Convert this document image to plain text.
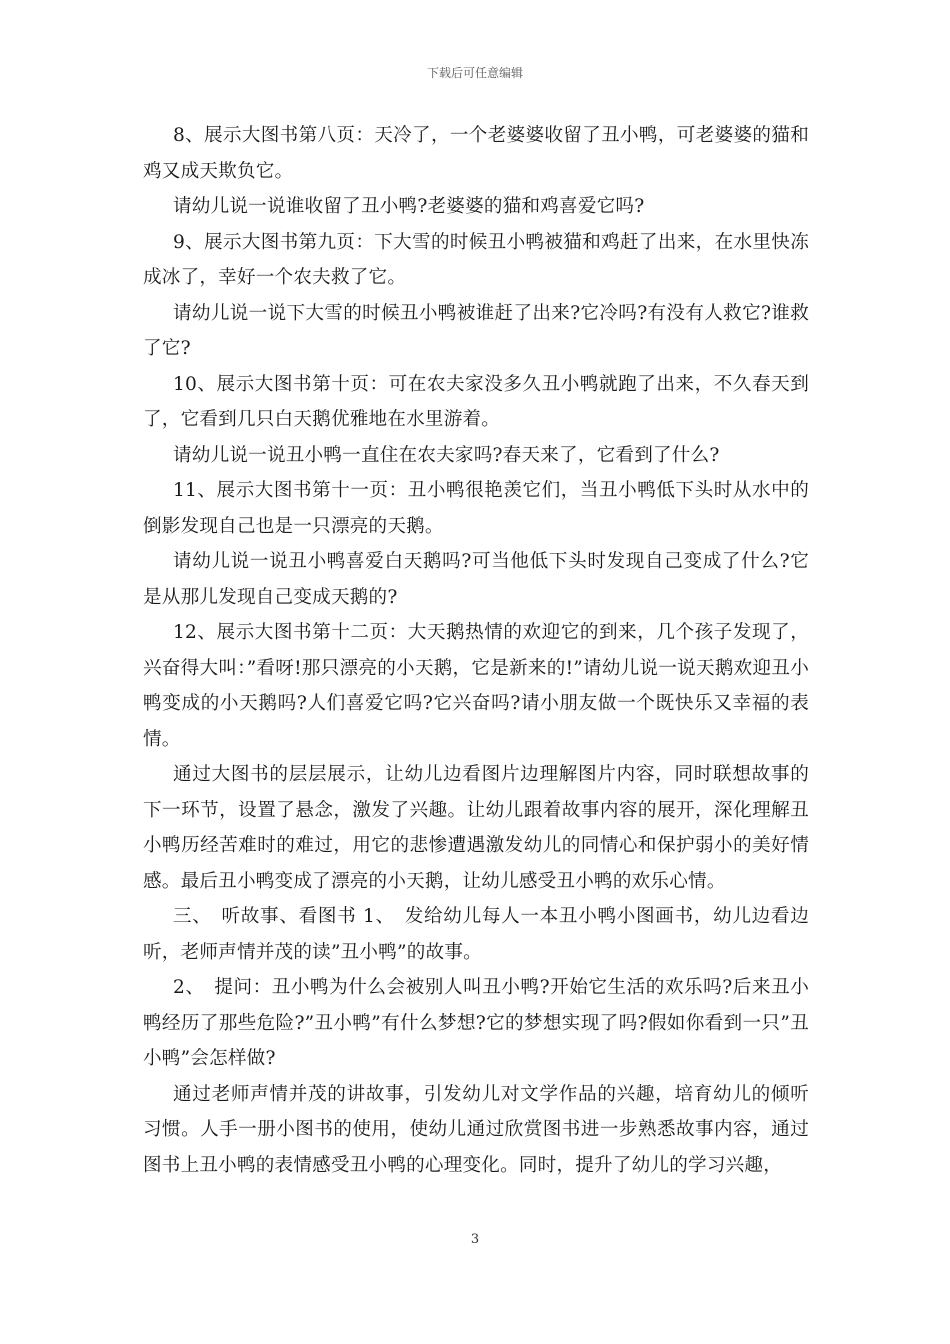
下载后可任意编辑

8、展示大图书第八页：天冷了，一个老婆婆收留了丑小鸭，可老婆婆的猫和鸡又成天欺负它。

请幼儿说一说谁收留了丑小鸭?老婆婆的猫和鸡喜爱它吗?

9、展示大图书第九页：下大雪的时候丑小鸭被猫和鸡赶了出来，在水里快冻成冰了，幸好一个农夫救了它。

请幼儿说一说下大雪的时候丑小鸭被谁赶了出来?它冷吗?有没有人救它?谁救了它?

10、展示大图书第十页：可在农夫家没多久丑小鸭就跑了出来，不久春天到了，它看到几只白天鹅优雅地在水里游着。

请幼儿说一说丑小鸭一直住在农夫家吗?春天来了，它看到了什么?

11、展示大图书第十一页：丑小鸭很艳羡它们，当丑小鸭低下头时从水中的倒影发现自己也是一只漂亮的天鹅。

请幼儿说一说丑小鸭喜爱白天鹅吗?可当他低下头时发现自己变成了什么?它是从那儿发现自己变成天鹅的?

12、展示大图书第十二页：大天鹅热情的欢迎它的到来，几个孩子发现了，兴奋得大叫：”看呀!那只漂亮的小天鹅，它是新来的!”请幼儿说一说天鹅欢迎丑小鸭变成的小天鹅吗?人们喜爱它吗?它兴奋吗?请小朋友做一个既快乐又幸福的表情。

通过大图书的层层展示，让幼儿边看图片边理解图片内容，同时联想故事的下一环节，设置了悬念，激发了兴趣。让幼儿跟着故事内容的展开，深化理解丑小鸭历经苦难时的难过，用它的悲惨遭遇激发幼儿的同情心和保护弱小的美好情感。最后丑小鸭变成了漂亮的小天鹅，让幼儿感受丑小鸭的欢乐心情。

三、　听故事、看图书 1、　发给幼儿每人一本丑小鸭小图画书，幼儿边看边听，老师声情并茂的读”丑小鸭”的故事。

2、　提问：丑小鸭为什么会被别人叫丑小鸭?开始它生活的欢乐吗?后来丑小鸭经历了那些危险?”丑小鸭”有什么梦想?它的梦想实现了吗?假如你看到一只”丑小鸭”会怎样做?

通过老师声情并茂的讲故事，引发幼儿对文学作品的兴趣，培育幼儿的倾听习惯。人手一册小图书的使用，使幼儿通过欣赏图书进一步熟悉故事内容，通过图书上丑小鸭的表情感受丑小鸭的心理变化。同时，提升了幼儿的学习兴趣，

3
